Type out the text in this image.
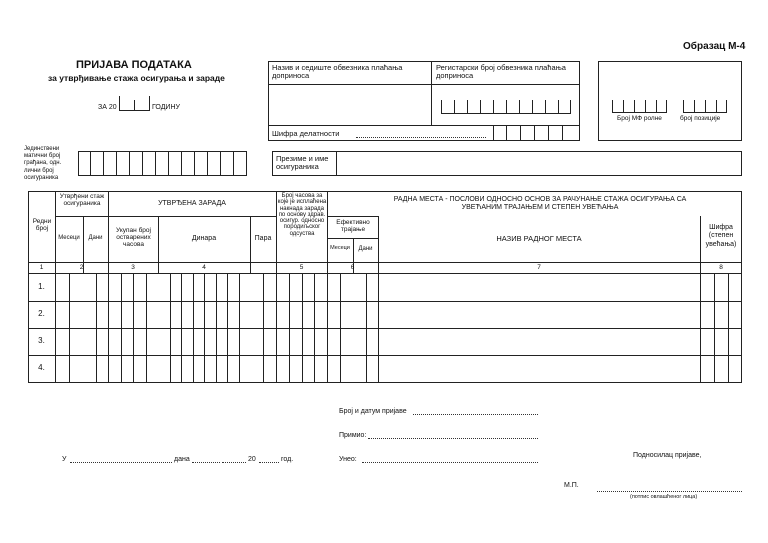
Образац М-4
ПРИЈАВА ПОДАТАКА
за утврђивање стажа осигурања и зараде
ЗА 20	ГОДИНУ
Назив и седиште обвезника плаћања доприноса
Регистарски број обвезника плаћања доприноса
Шифра делатности
Број МФ ролне	број позиције
Јединствени матични број грађана, одн. лични број осигураника
Презиме и име осигураника
Редни број
Утврђени стаж осигураника
Месеци	Дани
УТВРЂЕНА ЗАРАДА
Укупан број остварених часова
Динара	Пара
Број часова за које је исплаћена накнада зарада по основу здрав. осигур. односно породиљског одсуства
РАДНА МЕСТА - ПОСЛОВИ ОДНОСНО ОСНОВ ЗА РАЧУНАЊЕ СТАЖА ОСИГУРАЊА СА УВЕЋАНИМ ТРАЈАЊЕМ И СТЕПЕН УВЕЋАЊА
Ефективно трајање
Месеци	Дани
НАЗИВ РАДНОГ МЕСТА
Шифра (степен увећања)
1	2	3	4	5	6	7	8
1.
2.
3.
4.
Број и датум пријаве
Примио:
Унео:
У	дана	20	год.
Подносилац пријаве,
М.П.
(потпис овлашћеног лица)
